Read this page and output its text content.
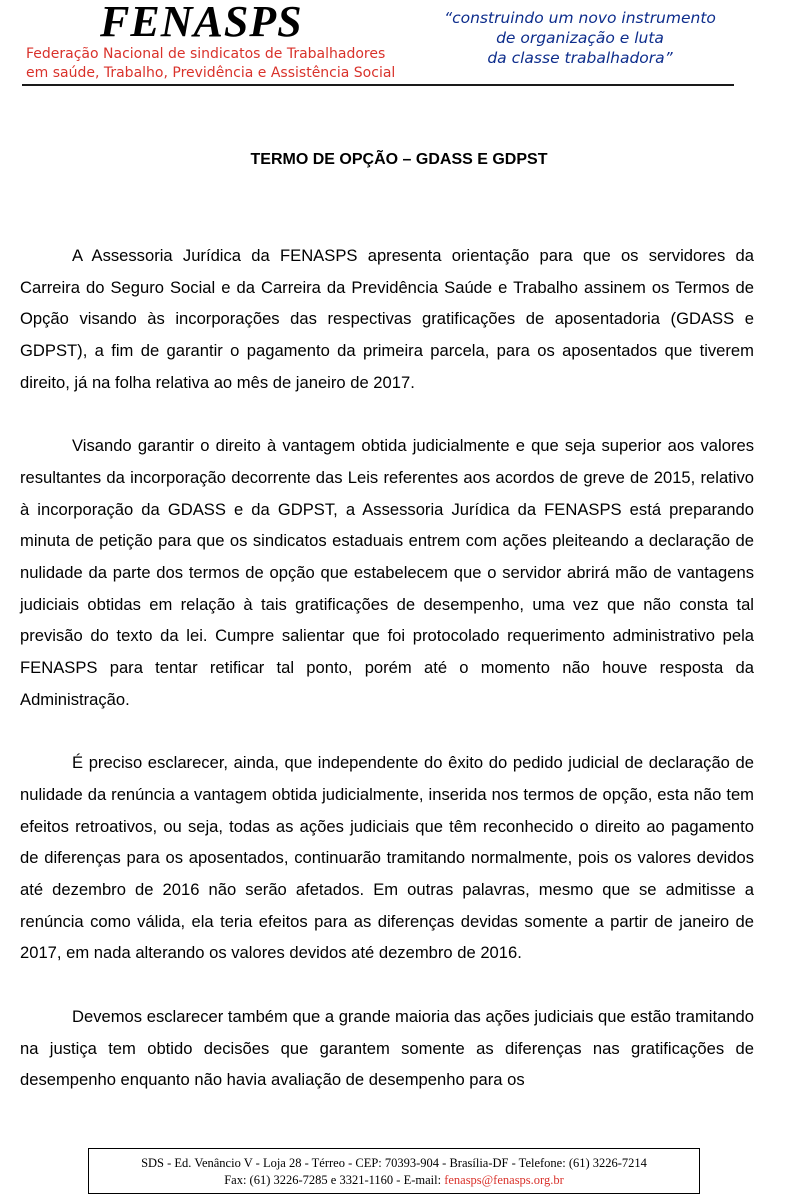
FENASPS
Federação Nacional de sindicatos de Trabalhadores
em saúde, Trabalho, Previdência e Assistência Social
“construindo um novo instrumento
de organização e luta
da classe trabalhadora”
TERMO DE OPÇÃO – GDASS E GDPST

A Assessoria Jurídica da FENASPS apresenta orientação para que os servidores da Carreira do Seguro Social e da Carreira da Previdência Saúde e Trabalho assinem os Termos de Opção visando às incorporações das respectivas gratificações de aposentadoria (GDASS e GDPST), a fim de garantir o pagamento da primeira parcela, para os aposentados que tiverem direito, já na folha relativa ao mês de janeiro de 2017.

Visando garantir o direito à vantagem obtida judicialmente e que seja superior aos valores resultantes da incorporação decorrente das Leis referentes aos acordos de greve de 2015, relativo à incorporação da GDASS e da GDPST, a Assessoria Jurídica da FENASPS está preparando minuta de petição para que os sindicatos estaduais entrem com ações pleiteando a declaração de nulidade da parte dos termos de opção que estabelecem que o servidor abrirá mão de vantagens judiciais obtidas em relação à tais gratificações de desempenho, uma vez que não consta tal previsão do texto da lei. Cumpre salientar que foi protocolado requerimento administrativo pela FENASPS para tentar retificar tal ponto, porém até o momento não houve resposta da Administração.

É preciso esclarecer, ainda, que independente do êxito do pedido judicial de declaração de nulidade da renúncia a vantagem obtida judicialmente, inserida nos termos de opção, esta não tem efeitos retroativos, ou seja, todas as ações judiciais que têm reconhecido o direito ao pagamento de diferenças para os aposentados, continuarão tramitando normalmente, pois os valores devidos até dezembro de 2016 não serão afetados. Em outras palavras, mesmo que se admitisse a renúncia como válida, ela teria efeitos para as diferenças devidas somente a partir de janeiro de 2017, em nada alterando os valores devidos até dezembro de 2016.

Devemos esclarecer também que a grande maioria das ações judiciais que estão tramitando na justiça tem obtido decisões que garantem somente as diferenças nas gratificações de desempenho enquanto não havia avaliação de desempenho para os

SDS - Ed. Venâncio V - Loja 28 - Térreo - CEP: 70393-904 - Brasília-DF - Telefone: (61) 3226-7214
Fax: (61) 3226-7285 e 3321-1160 - E-mail: fenasps@fenasps.org.br
